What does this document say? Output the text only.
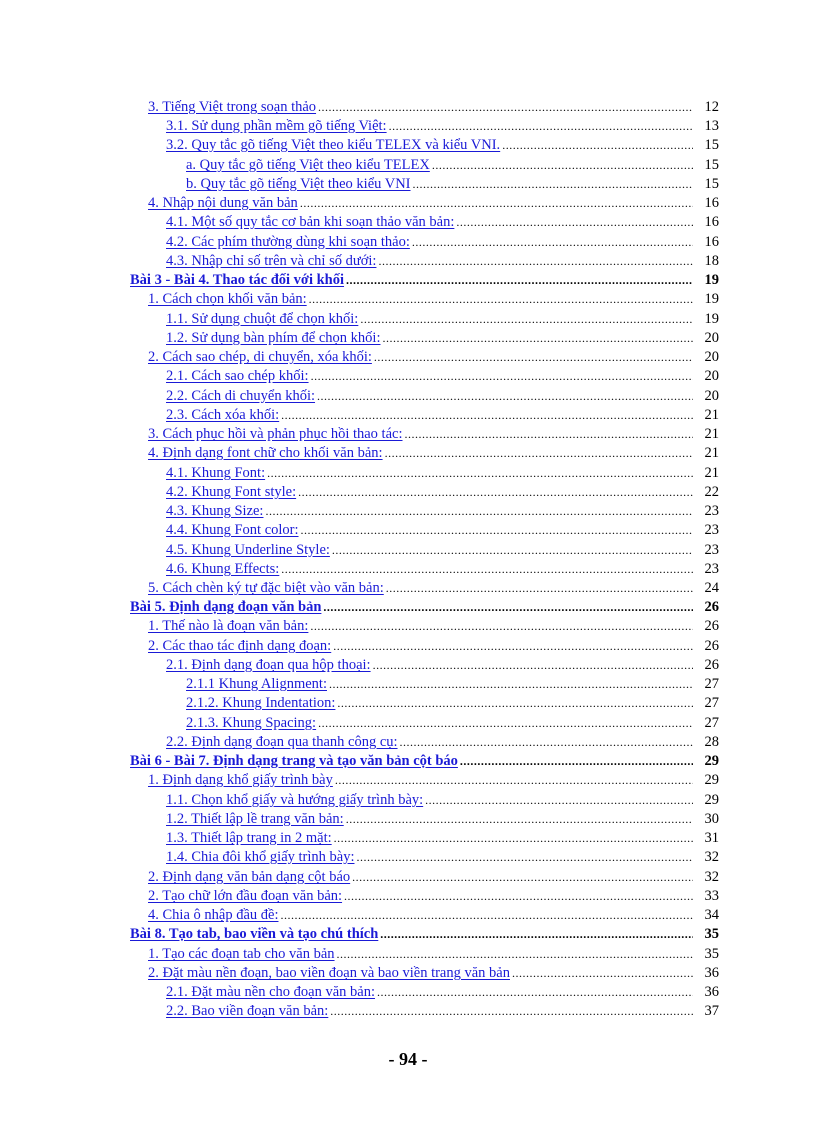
3. Tiếng Việt trong soạn thảo .....	12
3.1. Sử dụng phần mềm gõ tiếng Việt: .....	13
3.2. Quy tắc gõ tiếng Việt theo kiểu TELEX và kiểu VNI. .....	15
a. Quy tắc gõ tiếng Việt theo kiểu TELEX .....	15
b. Quy tắc gõ tiếng Việt theo kiểu VNI .....	15
4. Nhập nội dung văn bản .....	16
4.1. Một số quy tắc cơ bản khi soạn thảo văn bản: .....	16
4.2. Các phím thường dùng khi soạn thảo: .....	16
4.3. Nhập chỉ số trên và chỉ số dưới: .....	18
Bài 3 - Bài 4. Thao tác đối với khối .....	19
1. Cách chọn khối văn bản: .....	19
1.1. Sử dụng chuột để chọn khối: .....	19
1.2. Sử dụng bàn phím để chọn khối: .....	20
2. Cách sao chép, di chuyển, xóa khối: .....	20
2.1. Cách sao chép khối: .....	20
2.2. Cách di chuyển khối: .....	20
2.3. Cách xóa khối: .....	21
3. Cách phục hồi và phản phục hồi thao tác: .....	21
4. Định dạng font chữ cho khối văn bản: .....	21
4.1. Khung Font: .....	21
4.2. Khung Font style: .....	22
4.3. Khung Size: .....	23
4.4. Khung Font color: .....	23
4.5. Khung Underline Style: .....	23
4.6. Khung Effects: .....	23
5. Cách chèn ký tự đặc biệt vào văn bản: .....	24
Bài 5. Định dạng đoạn văn bản .....	26
1. Thế nào là đoạn văn bản: .....	26
2. Các thao tác định dạng đoạn: .....	26
2.1. Định dạng đoạn qua hộp thoại: .....	26
2.1.1 Khung Alignment: .....	27
2.1.2. Khung Indentation: .....	27
2.1.3. Khung Spacing: .....	27
2.2. Định dạng đoạn qua thanh công cụ: .....	28
Bài 6 - Bài 7. Định dạng trang và tạo văn bản cột báo .....	29
1. Định dạng khổ giấy trình bày .....	29
1.1. Chọn khổ giấy và hướng giấy trình bày: .....	29
1.2. Thiết lập lề trang văn bản: .....	30
1.3. Thiết lập trang in 2 mặt: .....	31
1.4. Chia đôi khổ giấy trình bày: .....	32
2. Định dạng văn bản dạng cột báo .....	32
2. Tạo chữ lớn đầu đoạn văn bản: .....	33
4. Chia ô nhập đầu đề: .....	34
Bài 8. Tạo tab, bao viền và tạo chú thích .....	35
1. Tạo các đoạn tab cho văn bản .....	35
2. Đặt màu nền đoạn, bao viền đoạn và bao viền trang văn bản .....	36
2.1. Đặt màu nền cho đoạn văn bản: .....	36
2.2. Bao viền đoạn văn bản: .....	37
- 94 -
